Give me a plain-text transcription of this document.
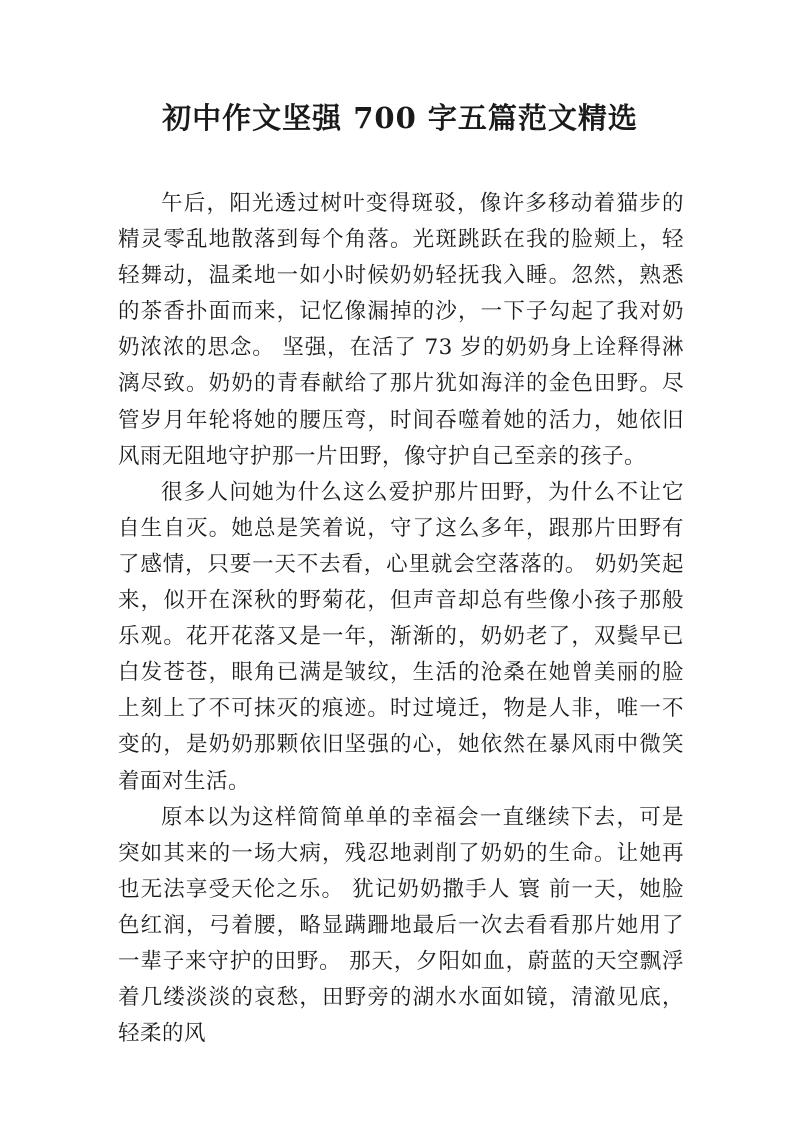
初中作文坚强 700 字五篇范文精选

午后，阳光透过树叶变得斑驳，像许多移动着猫步的精灵零乱地散落到每个角落。光斑跳跃在我的脸颊上，轻轻舞动，温柔地一如小时候奶奶轻抚我入睡。忽然，熟悉的茶香扑面而来，记忆像漏掉的沙，一下子勾起了我对奶奶浓浓的思念。 坚强，在活了 73 岁的奶奶身上诠释得淋漓尽致。奶奶的青春献给了那片犹如海洋的金色田野。尽管岁月年轮将她的腰压弯，时间吞噬着她的活力，她依旧风雨无阻地守护那一片田野，像守护自己至亲的孩子。

很多人问她为什么这么爱护那片田野，为什么不让它自生自灭。她总是笑着说，守了这么多年，跟那片田野有了感情，只要一天不去看，心里就会空落落的。 奶奶笑起来，似开在深秋的野菊花，但声音却总有些像小孩子那般乐观。花开花落又是一年，渐渐的，奶奶老了，双鬓早已白发苍苍，眼角已满是皱纹，生活的沧桑在她曾美丽的脸上刻上了不可抹灭的痕迹。时过境迁，物是人非，唯一不变的，是奶奶那颗依旧坚强的心，她依然在暴风雨中微笑着面对生活。

原本以为这样简简单单的幸福会一直继续下去，可是突如其来的一场大病，残忍地剥削了奶奶的生命。让她再也无法享受天伦之乐。 犹记奶奶撒手人 寰 前一天，她脸色红润，弓着腰，略显蹒跚地最后一次去看看那片她用了一辈子来守护的田野。 那天，夕阳如血，蔚蓝的天空飘浮着几缕淡淡的哀愁，田野旁的湖水水面如镜，清澈见底，轻柔的风
